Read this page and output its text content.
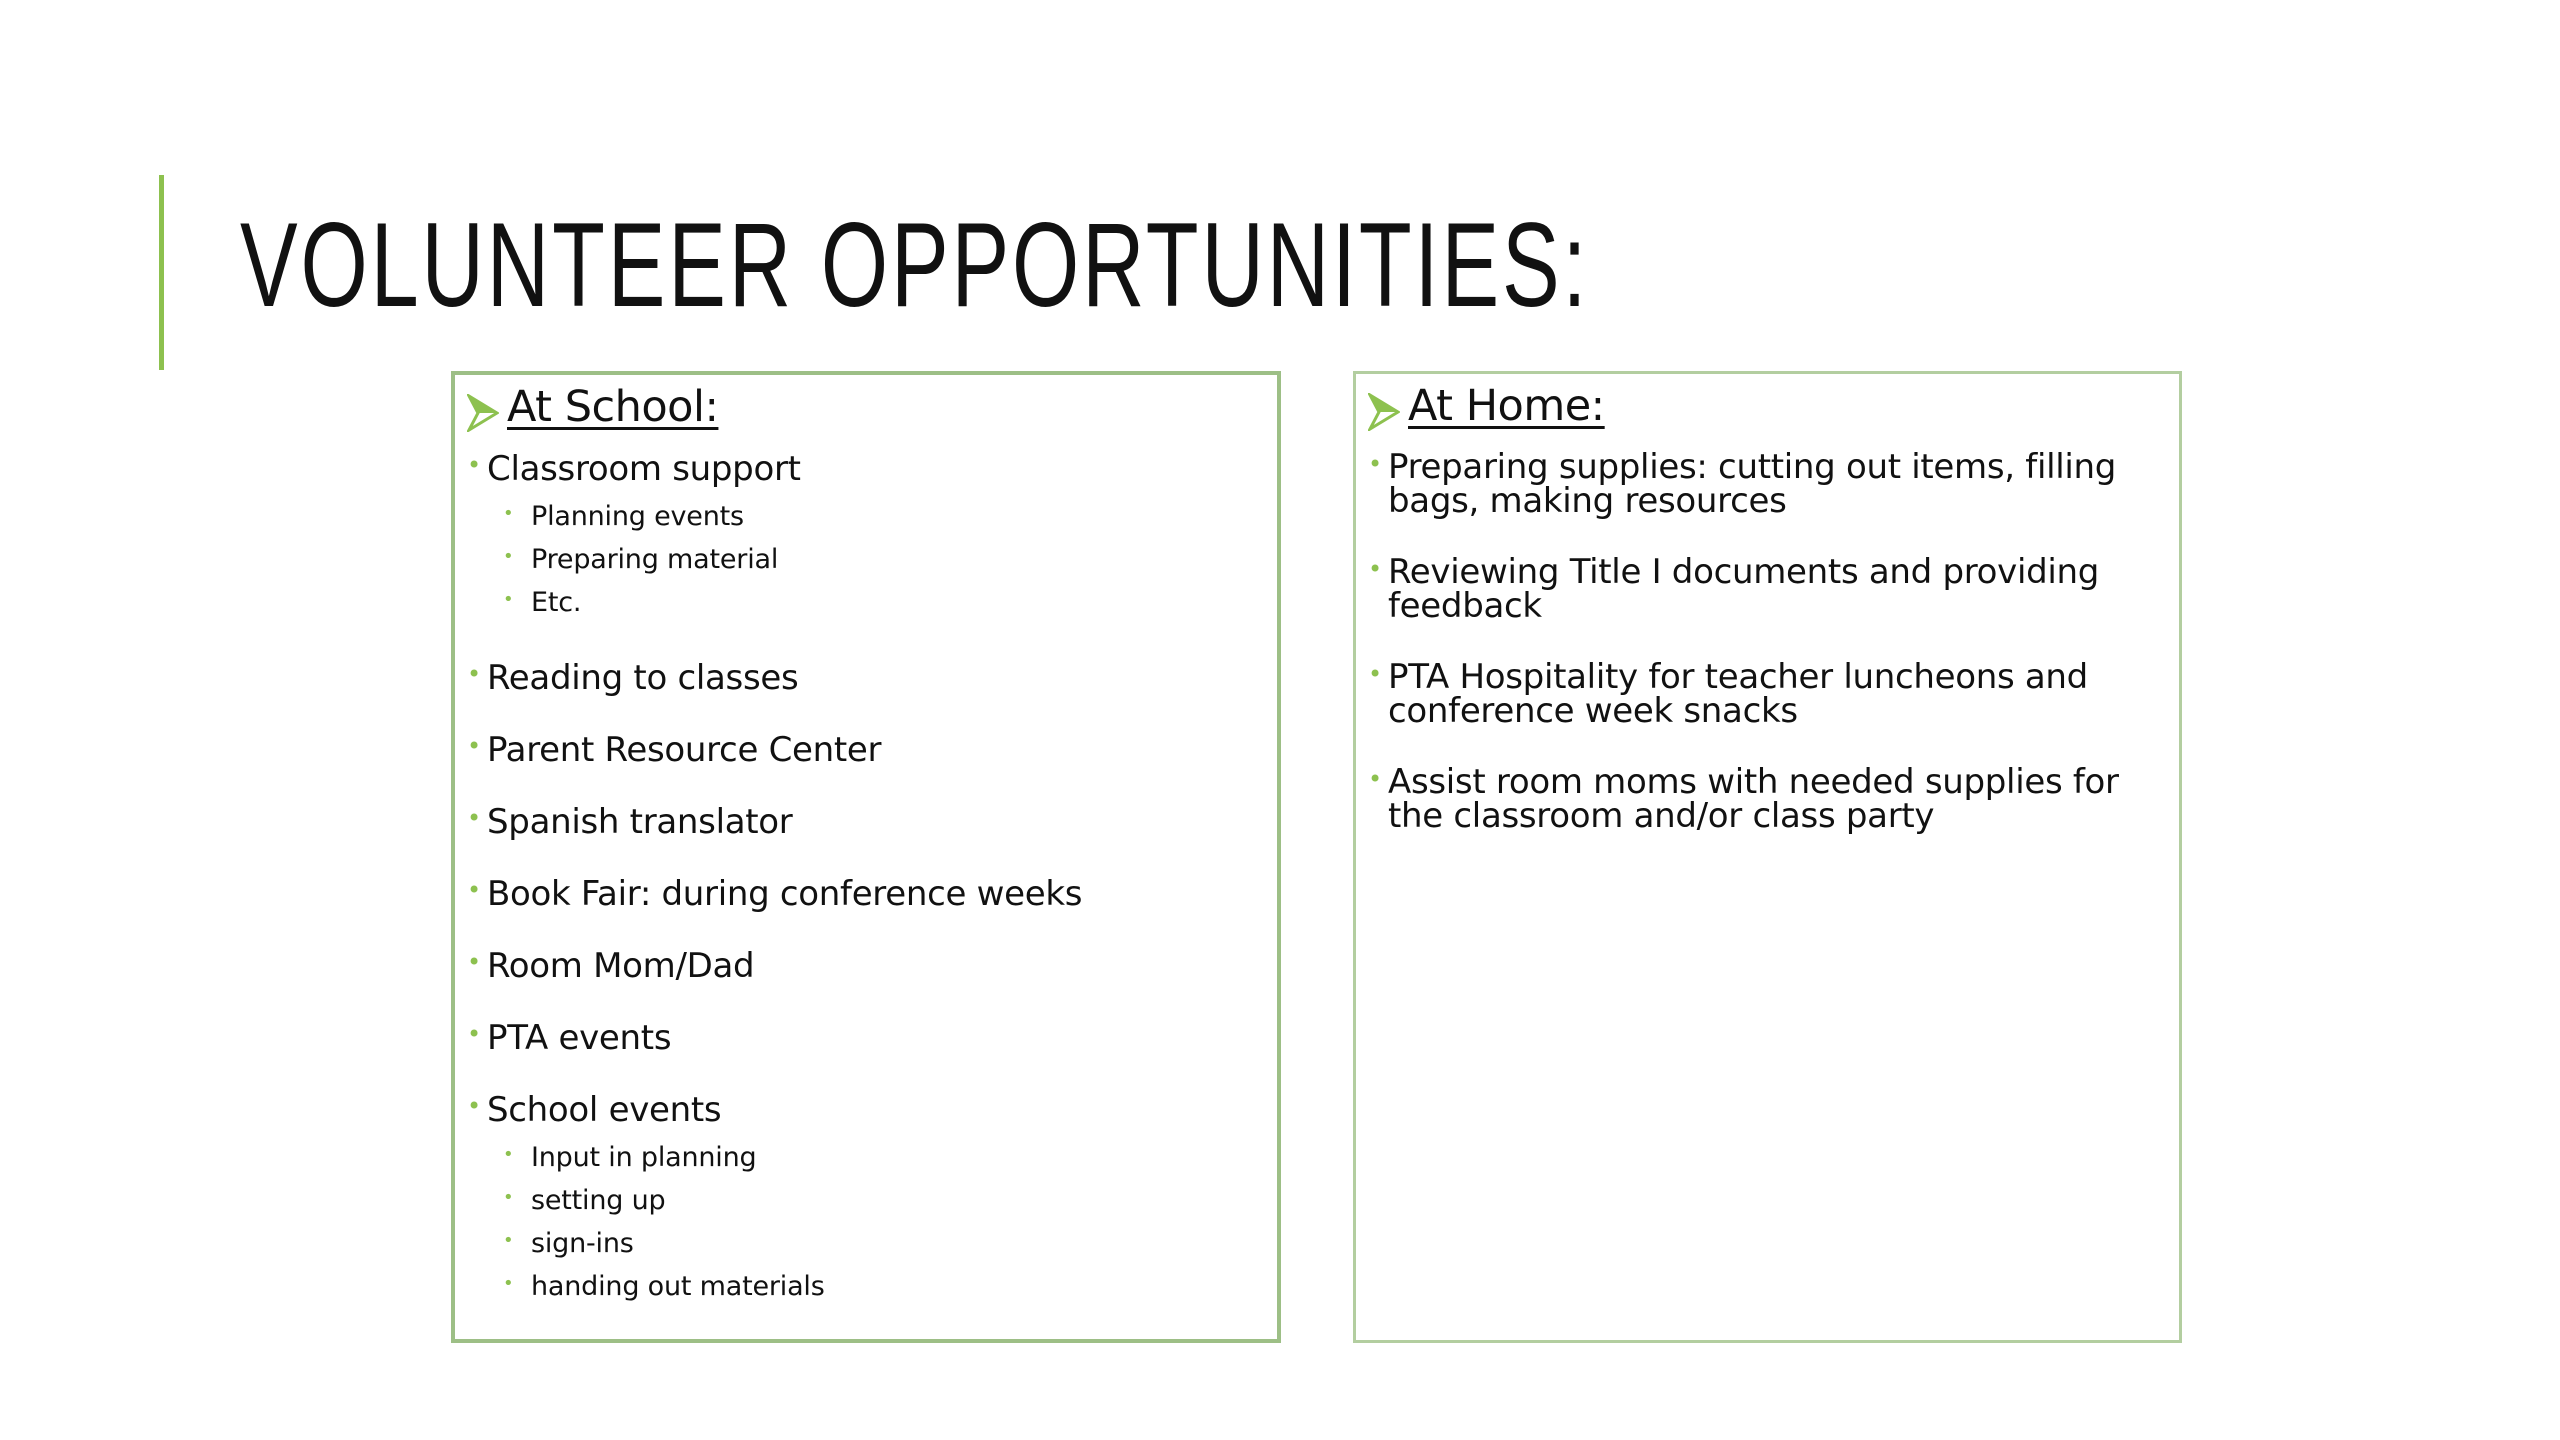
VOLUNTEER OPPORTUNITIES:
At School:
• Classroom support
• Planning events
• Preparing material
• Etc.
• Reading to classes
• Parent Resource Center
• Spanish translator
• Book Fair: during conference weeks
• Room Mom/Dad
• PTA events
• School events
• Input in planning
• setting up
• sign-ins
• handing out materials
At Home:
• Preparing supplies: cutting out items, filling bags, making resources
• Reviewing Title I documents and providing feedback
• PTA Hospitality for teacher luncheons and conference week snacks
• Assist room moms with needed supplies for the classroom and/or class party
